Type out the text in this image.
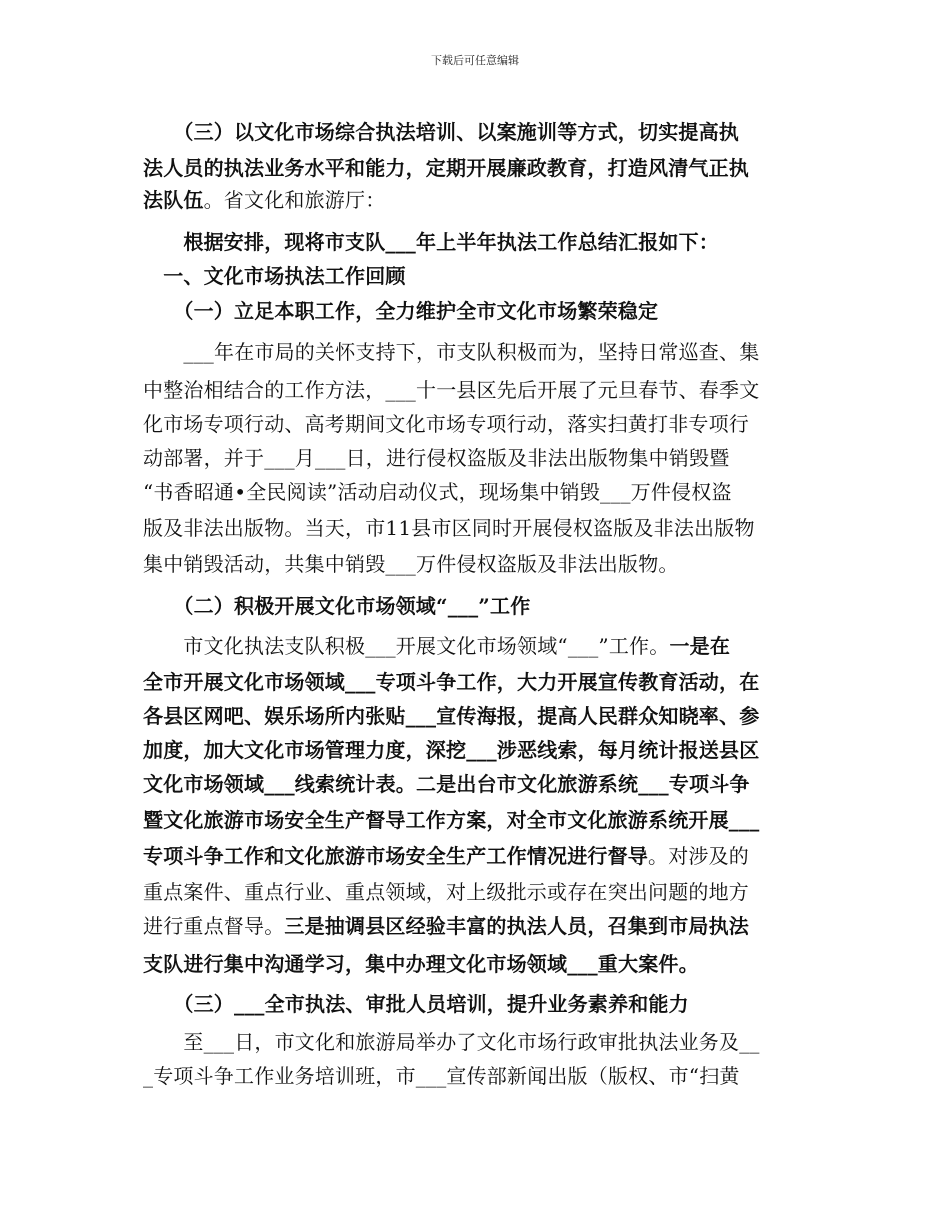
下载后可任意编辑
　　（三）以文化市场综合执法培训、以案施训等方式，切实提高执
法人员的执法业务水平和能力，定期开展廉政教育，打造风清气正执
法队伍。省文化和旅游厅：
　　根据安排，现将市支队___年上半年执法工作总结汇报如下：
　一、文化市场执法工作回顾
　　（一）立足本职工作，全力维护全市文化市场繁荣稳定
　　___年在市局的关怀支持下，市支队积极而为，坚持日常巡查、集
中整治相结合的工作方法，___十一县区先后开展了元旦春节、春季文
化市场专项行动、高考期间文化市场专项行动，落实扫黄打非专项行
动部署，并于___月___日，进行侵权盗版及非法出版物集中销毁暨
“书香昭通•全民阅读”活动启动仪式，现场集中销毁___万件侵权盗
版及非法出版物。当天，市11县市区同时开展侵权盗版及非法出版物
集中销毁活动，共集中销毁___万件侵权盗版及非法出版物。
　　（二）积极开展文化市场领域“___”工作
　　市文化执法支队积极___开展文化市场领域“___”工作。一是在
全市开展文化市场领域___专项斗争工作，大力开展宣传教育活动，在
各县区网吧、娱乐场所内张贴___宣传海报，提高人民群众知晓率、参
加度，加大文化市场管理力度，深挖___涉恶线索，每月统计报送县区
文化市场领域___线索统计表。二是出台市文化旅游系统___专项斗争
暨文化旅游市场安全生产督导工作方案，对全市文化旅游系统开展___
专项斗争工作和文化旅游市场安全生产工作情况进行督导。对涉及的
重点案件、重点行业、重点领域，对上级批示或存在突出问题的地方
进行重点督导。三是抽调县区经验丰富的执法人员，召集到市局执法
支队进行集中沟通学习，集中办理文化市场领域___重大案件。
　　（三）___全市执法、审批人员培训，提升业务素养和能力
　　至___日，市文化和旅游局举办了文化市场行政审批执法业务及__
_专项斗争工作业务培训班，市___宣传部新闻出版（版权、市“扫黄
